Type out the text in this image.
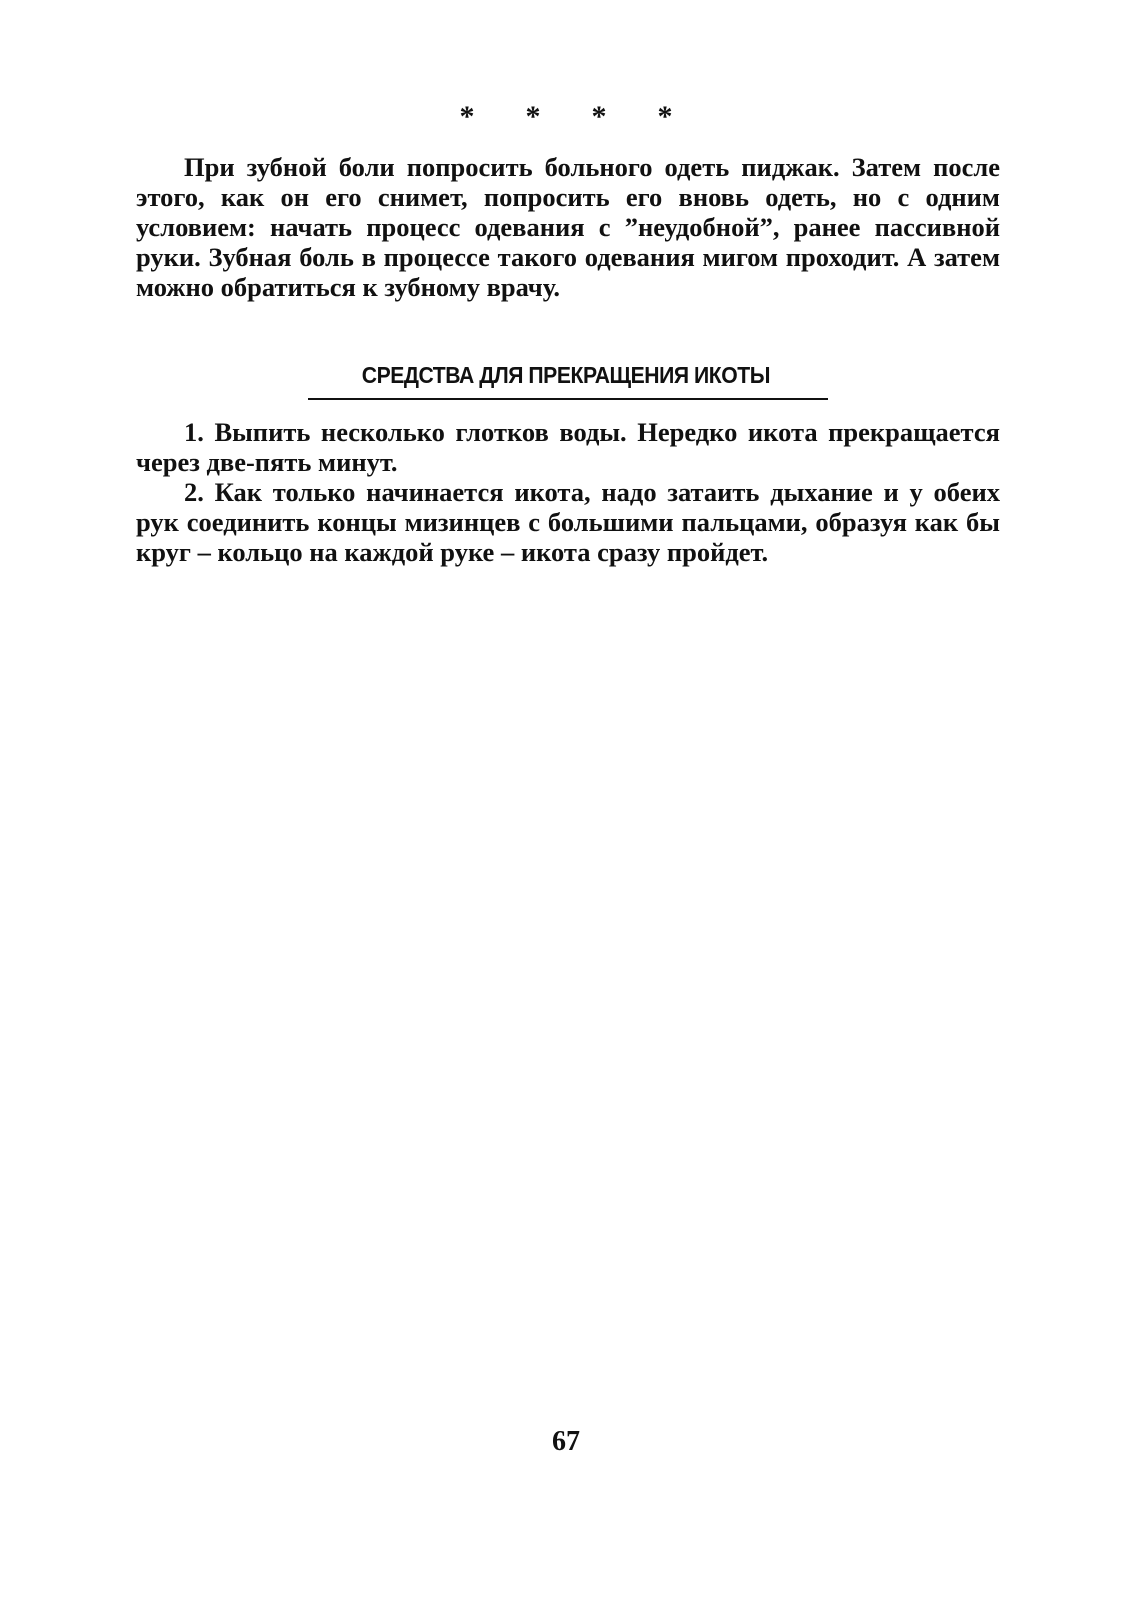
* * * *

При зубной боли попросить больного одеть пиджак. Затем после этого, как он его снимет, попросить его вновь одеть, но с одним условием: начать процесс одевания с ”неудобной”, ранее пассивной руки. Зубная боль в процессе такого одевания мигом проходит. А затем можно обратиться к зубному врачу.

СРЕДСТВА ДЛЯ ПРЕКРАЩЕНИЯ ИКОТЫ

1. Выпить несколько глотков воды. Нередко икота прекращается через две-пять минут.

2. Как только начинается икота, надо затаить дыхание и у обеих рук соединить концы мизинцев с большими пальцами, образуя как бы круг – кольцо на каждой руке – икота сразу пройдет.

67
